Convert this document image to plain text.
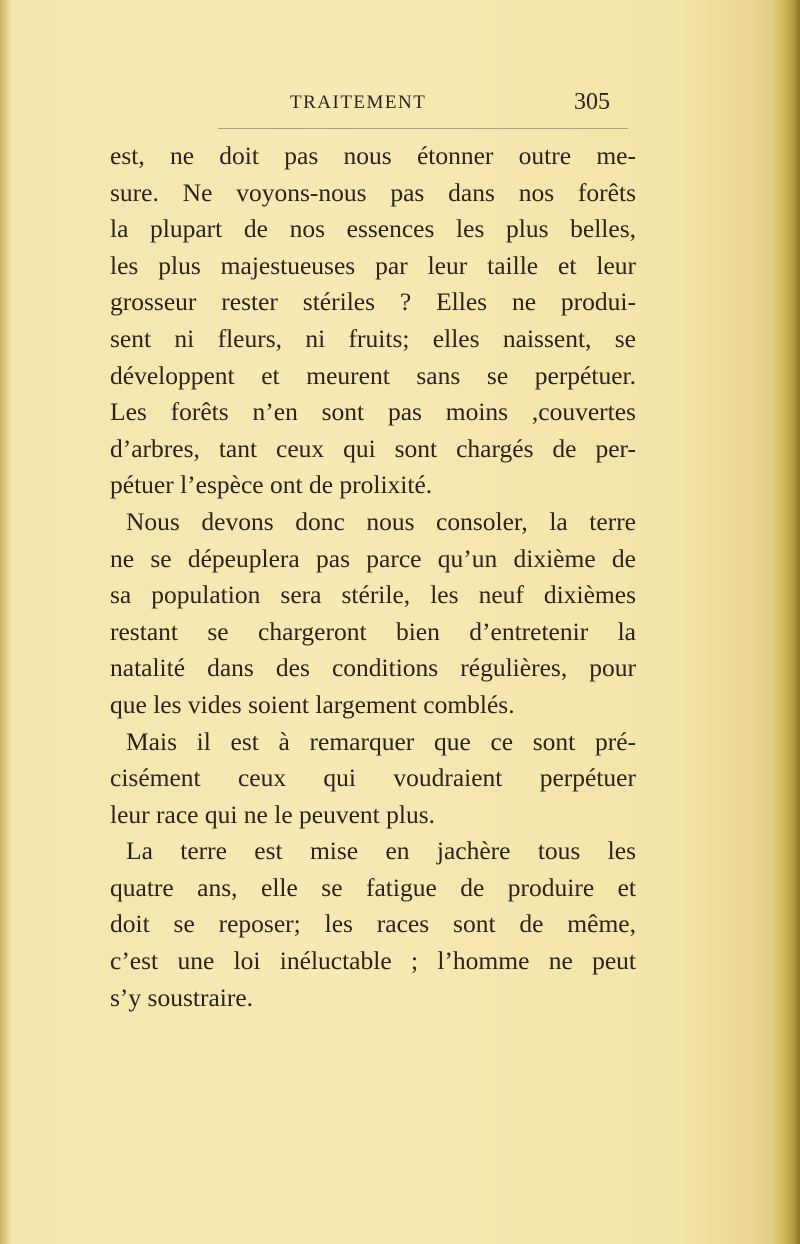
TRAITEMENT	305
est, ne doit pas nous étonner outre me-
sure. Ne voyons-nous pas dans nos forêts
la plupart de nos essences les plus belles,
les plus majestueuses par leur taille et leur
grosseur rester stériles ? Elles ne produi-
sent ni fleurs, ni fruits; elles naissent, se
développent et meurent sans se perpétuer.
Les forêts n’en sont pas moins ,couvertes
d’arbres, tant ceux qui sont chargés de per-
pétuer l’espèce ont de prolixité.
Nous devons donc nous consoler, la terre
ne se dépeuplera pas parce qu’un dixième de
sa population sera stérile, les neuf dixièmes
restant se chargeront bien d’entretenir la
natalité dans des conditions régulières, pour
que les vides soient largement comblés.
Mais il est à remarquer que ce sont pré-
cisément ceux qui voudraient perpétuer
leur race qui ne le peuvent plus.
La terre est mise en jachère tous les
quatre ans, elle se fatigue de produire et
doit se reposer; les races sont de même,
c’est une loi inéluctable ; l’homme ne peut
s’y soustraire.
